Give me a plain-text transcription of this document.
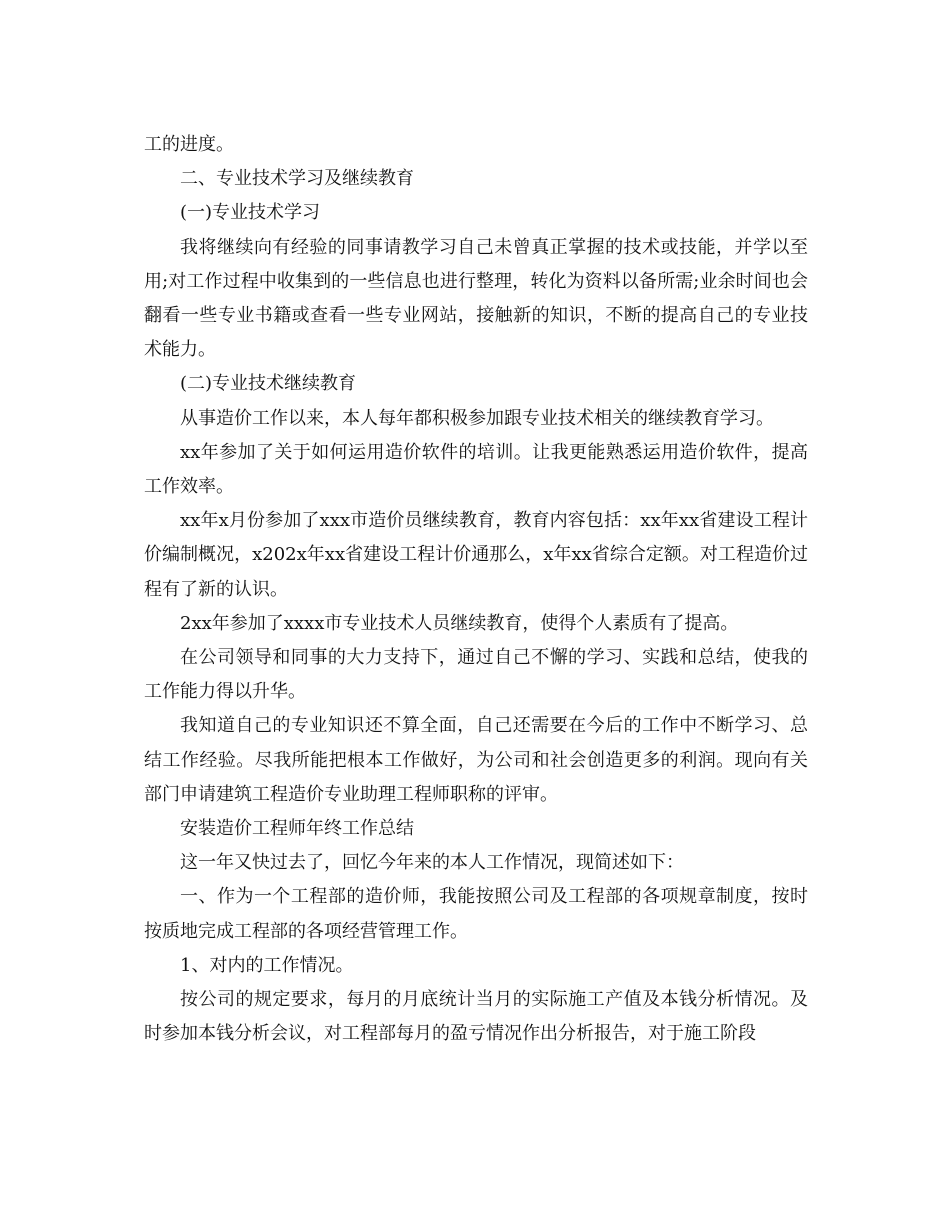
工的进度。

二、专业技术学习及继续教育

(一)专业技术学习

我将继续向有经验的同事请教学习自己未曾真正掌握的技术或技能，并学以至用;对工作过程中收集到的一些信息也进行整理，转化为资料以备所需;业余时间也会翻看一些专业书籍或查看一些专业网站，接触新的知识，不断的提高自己的专业技术能力。

(二)专业技术继续教育

从事造价工作以来，本人每年都积极参加跟专业技术相关的继续教育学习。

xx年参加了关于如何运用造价软件的培训。让我更能熟悉运用造价软件，提高工作效率。

xx年x月份参加了xxx市造价员继续教育，教育内容包括：xx年xx省建设工程计价编制概况，x202x年xx省建设工程计价通那么，x年xx省综合定额。对工程造价过程有了新的认识。

2xx年参加了xxxx市专业技术人员继续教育，使得个人素质有了提高。

在公司领导和同事的大力支持下，通过自己不懈的学习、实践和总结，使我的工作能力得以升华。

我知道自己的专业知识还不算全面，自己还需要在今后的工作中不断学习、总结工作经验。尽我所能把根本工作做好，为公司和社会创造更多的利润。现向有关部门申请建筑工程造价专业助理工程师职称的评审。

安装造价工程师年终工作总结

这一年又快过去了，回忆今年来的本人工作情况，现简述如下：

一、作为一个工程部的造价师，我能按照公司及工程部的各项规章制度，按时按质地完成工程部的各项经营管理工作。

1、对内的工作情况。

按公司的规定要求，每月的月底统计当月的实际施工产值及本钱分析情况。及时参加本钱分析会议，对工程部每月的盈亏情况作出分析报告，对于施工阶段
